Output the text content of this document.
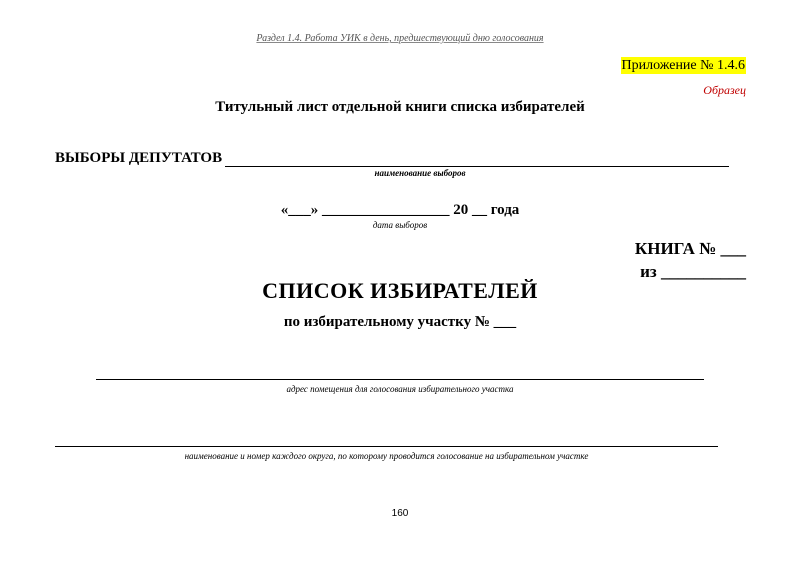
Раздел 1.4. Работа УИК в день, предшествующий дню голосования
Приложение № 1.4.6
Образец
Титульный лист отдельной книги списка избирателей
ВЫБОРЫ ДЕПУТАТОВ
наименование выборов
«___» _________________ 20 __ года
дата выборов
КНИГА № ___
из __________
СПИСОК ИЗБИРАТЕЛЕЙ
по избирательному участку № ___
адрес помещения для голосования избирательного участка
наименование и номер каждого округа, по которому проводится голосование на избирательном участке
160
